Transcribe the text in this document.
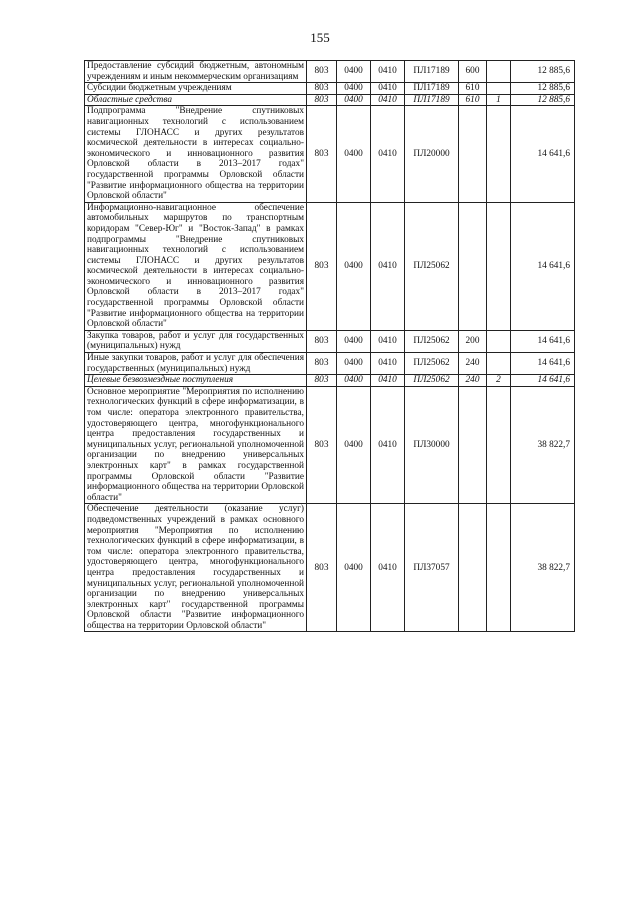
155
Предоставление субсидий бюджетным, автономным учреждениям и иным некоммерческим организациям	803	0400	0410	ПЛ17189	600		12 885,6
Субсидии бюджетным учреждениям	803	0400	0410	ПЛ17189	610		12 885,6
Областные средства	803	0400	0410	ПЛ17189	610	1	12 885,6
Подпрограмма "Внедрение спутниковых навигационных технологий с использованием системы ГЛОНАСС и других результатов космической деятельности в интересах социально-экономического и инновационного развития Орловской области в 2013–2017 годах" государственной программы Орловской области "Развитие информационного общества на территории Орловской области"	803	0400	0410	ПЛ20000			14 641,6
Информационно-навигационное обеспечение автомобильных маршрутов по транспортным коридорам "Север-Юг" и "Восток-Запад" в рамках подпрограммы "Внедрение спутниковых навигационных технологий с использованием системы ГЛОНАСС и других результатов космической деятельности в интересах социально-экономического и инновационного развития Орловской области в 2013–2017 годах" государственной программы Орловской области "Развитие информационного общества на территории Орловской области"	803	0400	0410	ПЛ25062			14 641,6
Закупка товаров, работ и услуг для государственных (муниципальных) нужд	803	0400	0410	ПЛ25062	200		14 641,6
Иные закупки товаров, работ и услуг для обеспечения государственных (муниципальных) нужд	803	0400	0410	ПЛ25062	240		14 641,6
Целевые безвозмездные поступления	803	0400	0410	ПЛ25062	240	2	14 641,6
Основное мероприятие "Мероприятия по исполнению технологических функций в сфере информатизации, в том числе: оператора электронного правительства, удостоверяющего центра, многофункционального центра предоставления государственных и муниципальных услуг, региональной уполномоченной организации по внедрению универсальных электронных карт" в рамках государственной программы Орловской области "Развитие информационного общества на территории Орловской области"	803	0400	0410	ПЛ30000			38 822,7
Обеспечение деятельности (оказание услуг) подведомственных учреждений в рамках основного мероприятия "Мероприятия по исполнению технологических функций в сфере информатизации, в том числе: оператора электронного правительства, удостоверяющего центра, многофункционального центра предоставления государственных и муниципальных услуг, региональной уполномоченной организации по внедрению универсальных электронных карт" государственной программы Орловской области "Развитие информационного общества на территории Орловской области"	803	0400	0410	ПЛ37057			38 822,7
